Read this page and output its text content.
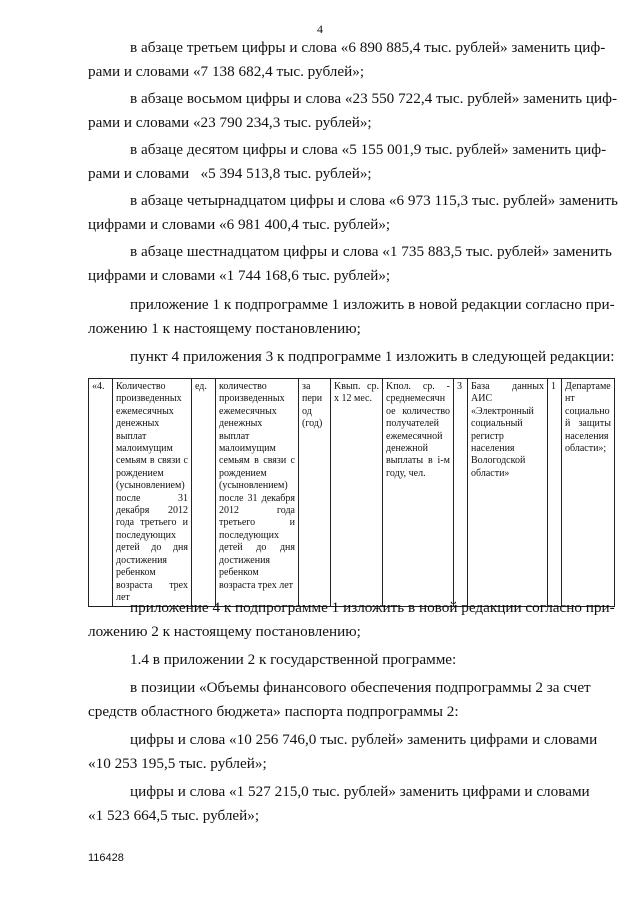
4
в абзаце третьем цифры и слова «6 890 885,4 тыс. рублей» заменить циф-
рами и словами «7 138 682,4 тыс. рублей»;
в абзаце восьмом цифры и слова «23 550 722,4 тыс. рублей» заменить циф-
рами и словами «23 790 234,3 тыс. рублей»;
в абзаце десятом цифры и слова «5 155 001,9 тыс. рублей» заменить циф-
рами и словами   «5 394 513,8 тыс. рублей»;
в абзаце четырнадцатом цифры и слова «6 973 115,3 тыс. рублей» заменить
цифрами и словами «6 981 400,4 тыс. рублей»;
в абзаце шестнадцатом цифры и слова «1 735 883,5 тыс. рублей» заменить
цифрами и словами «1 744 168,6 тыс. рублей»;
приложение 1 к подпрограмме 1 изложить в новой редакции согласно при-
ложению 1 к настоящему постановлению;
пункт 4 приложения 3 к подпрограмме 1 изложить в следующей редакции:
«4.	Количество произведенных ежемесячных денежных выплат малоимущим семьям в связи с рождением (усыновлением) после 31 декабря 2012 года третьего и последующих детей до дня достижения ребенком возраста трех лет	ед.	количество произведенных ежемесячных денежных выплат малоимущим семьям в связи с рождением (усыновлением) после 31 декабря 2012 года третьего и последующих детей до дня достижения ребенком возраста трех лет	за период (год)	Kвып. ср. x 12 мес.	Kпол. ср. - среднемесячное количество получателей ежемесячной денежной выплаты в i-м году, чел.	3	База данных АИС «Электронный социальный регистр населения Вологодской области»	1	Департамент социальной защиты населения области»;
приложение 4 к подпрограмме 1 изложить в новой редакции согласно при-
ложению 2 к настоящему постановлению;
1.4 в приложении 2 к государственной программе:
в позиции «Объемы финансового обеспечения подпрограммы 2 за счет
средств областного бюджета» паспорта подпрограммы 2:
цифры и слова «10 256 746,0 тыс. рублей» заменить цифрами и словами
«10 253 195,5 тыс. рублей»;
цифры и слова «1 527 215,0 тыс. рублей» заменить цифрами и словами
«1 523 664,5 тыс. рублей»;
116428
